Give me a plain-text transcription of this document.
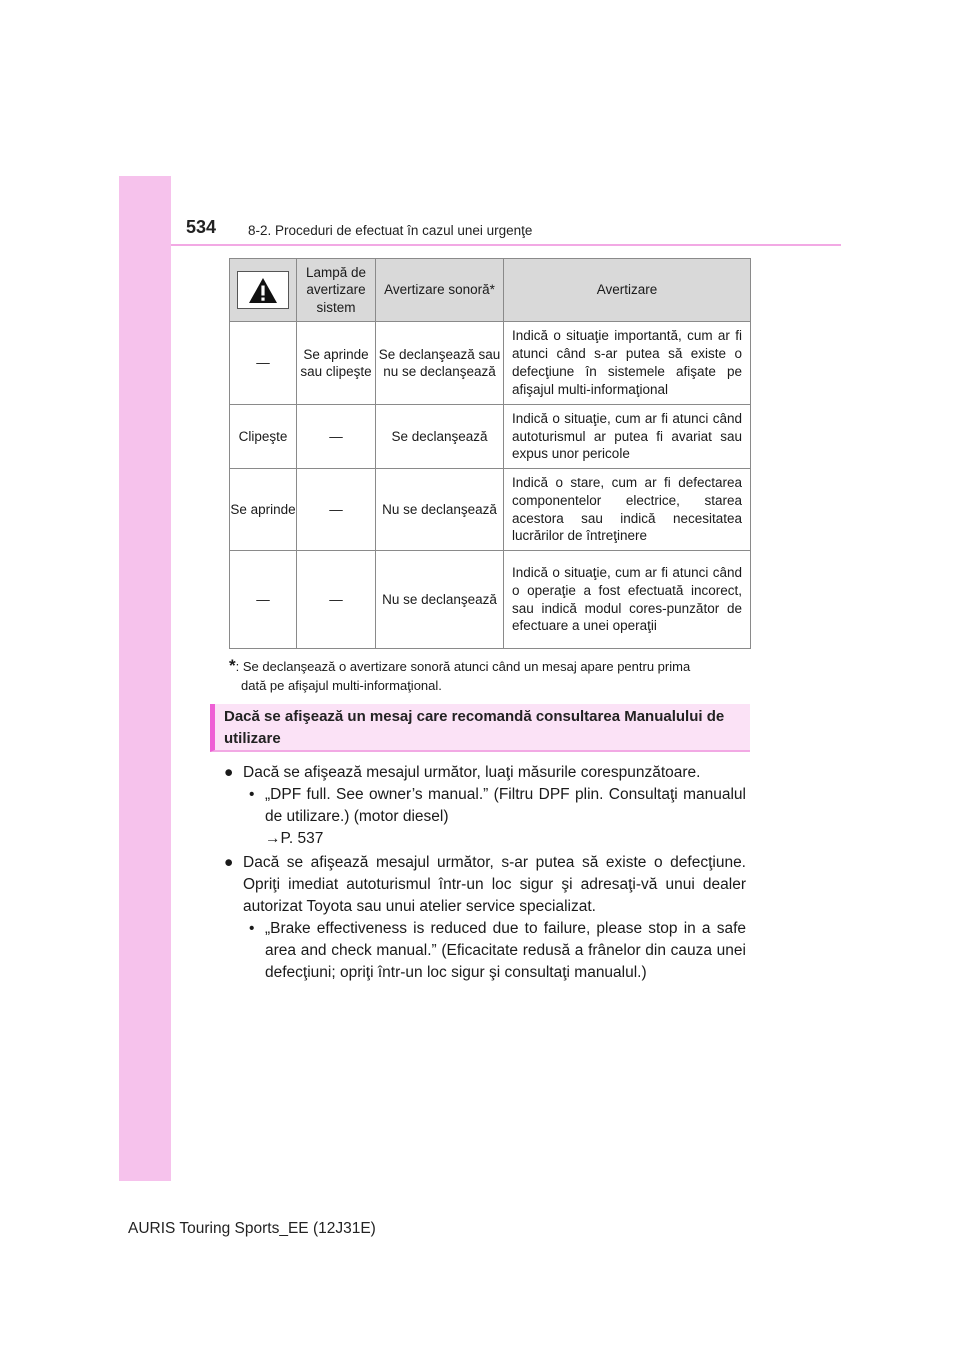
534 8-2. Proceduri de efectuat în cazul unei urgenţe
	Lampă de avertizare sistem	Avertizare sonoră*	Avertizare
—	Se aprinde sau clipeşte	Se declanşează sau nu se declanşează	Indică o situaţie importantă, cum ar fi atunci când s-ar putea să existe o defecţiune în sistemele afişate pe afişajul multi-informaţional
Clipeşte	—	Se declanşează	Indică o situaţie, cum ar fi atunci când autoturismul ar putea fi avariat sau expus unor pericole
Se aprinde	—	Nu se declanşează	Indică o stare, cum ar fi defectarea componentelor electrice, starea acestora sau indică necesitatea lucrărilor de întreţinere
—	—	Nu se declanşează	Indică o situaţie, cum ar fi atunci când o operaţie a fost efectuată incorect, sau indică modul cores-punzător de efectuare a unei operaţii
*: Se declanşează o avertizare sonoră atunci când un mesaj apare pentru prima
dată pe afişajul multi-informaţional.
Dacă se afişează un mesaj care recomandă consultarea Manualului de utilizare
● Dacă se afişează mesajul următor, luaţi măsurile corespunzătoare.
• „DPF full. See owner’s manual.” (Filtru DPF plin. Consultaţi manualul de utilizare.) (motor diesel)
→P. 537
● Dacă se afişează mesajul următor, s-ar putea să existe o defecţiune. Opriţi imediat autoturismul într-un loc sigur şi adresaţi-vă unui dealer autorizat Toyota sau unui atelier service specializat.
• „Brake effectiveness is reduced due to failure, please stop in a safe area and check manual.” (Eficacitate redusă a frânelor din cauza unei defecţiuni; opriţi într-un loc sigur şi consultaţi manualul.)
AURIS Touring Sports_EE (12J31E)
